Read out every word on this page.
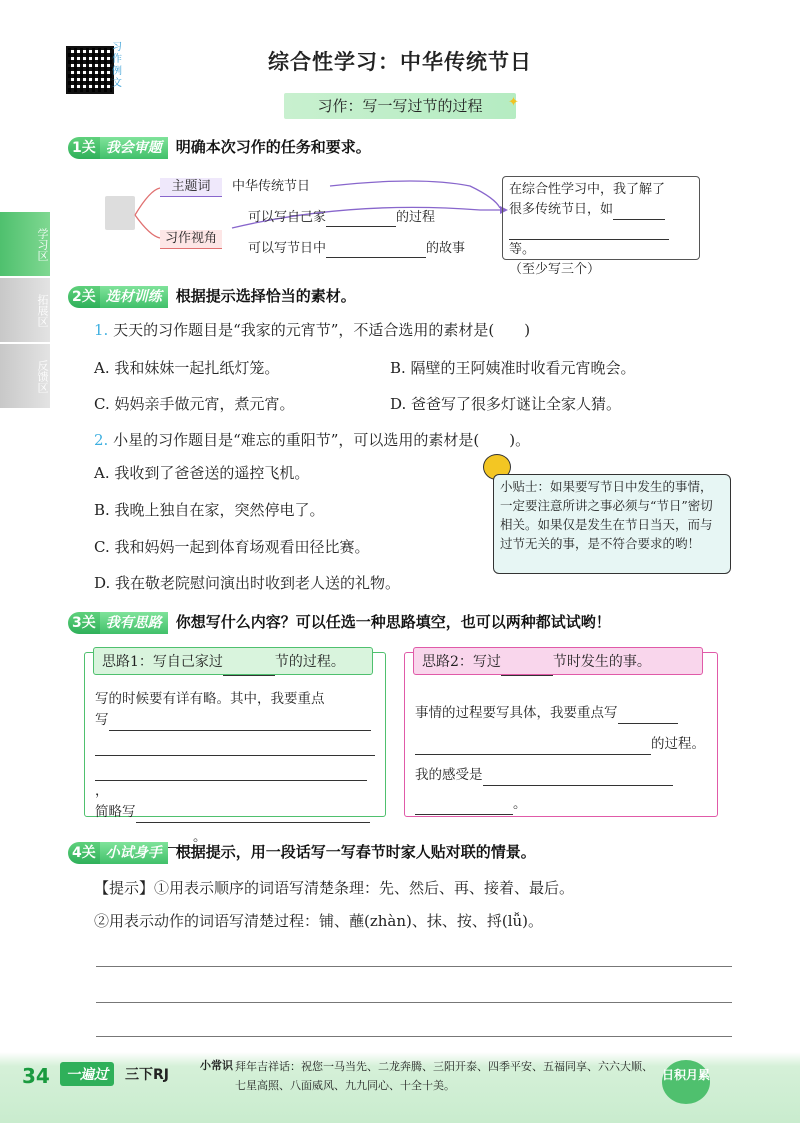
习作例文
综合性学习：中华传统节日
习作：写一写过节的过程	✦
学习区
拓展区
反馈区
1关 我会审题 明确本次习作的任务和要求。
主题词	中华传统节日
习作视角
可以写自己家	的过程
可以写节日中	的故事
在综合性学习中，我了解了
很多传统节日，如
等。
（至少写三个）
2关 选材训练 根据提示选择恰当的素材。
1. 天天的习作题目是“我家的元宵节”，不适合选用的素材是(　　)
A. 我和妹妹一起扎纸灯笼。	B. 隔壁的王阿姨准时收看元宵晚会。
C. 妈妈亲手做元宵，煮元宵。	D. 爸爸写了很多灯谜让全家人猜。
2. 小星的习作题目是“难忘的重阳节”，可以选用的素材是(　　)。
A. 我收到了爸爸送的遥控飞机。
B. 我晚上独自在家，突然停电了。
C. 我和妈妈一起到体育场观看田径比赛。
D. 我在敬老院慰问演出时收到老人送的礼物。
小贴士：如果要写节日中发生的事情，一定要注意所讲之事必须与“节日”密切相关。如果仅是发生在节日当天，而与过节无关的事，是不符合要求的哟！
3关 我有思路 你想写什么内容？可以任选一种思路填空，也可以两种都试试哟！
思路1：写自己家过	节的过程。
写的时候要有详有略。其中，我要重点
写
，
简略写
。
思路2：写过	节时发生的事。
事情的过程要写具体，我要重点写
的过程。
我的感受是
。
4关 小试身手 根据提示，用一段话写一写春节时家人贴对联的情景。
【提示】①用表示顺序的词语写清楚条理：先、然后、再、接着、最后。
②用表示动作的词语写清楚过程：铺、蘸(zhàn)、抹、按、捋(lǚ)。
34	一遍过	三下RJ
小常识 拜年吉祥话：祝您一马当先、二龙奔腾、三阳开泰、四季平安、五福同享、六六大顺、七星高照、八面威风、九九同心、十全十美。
日积月累
